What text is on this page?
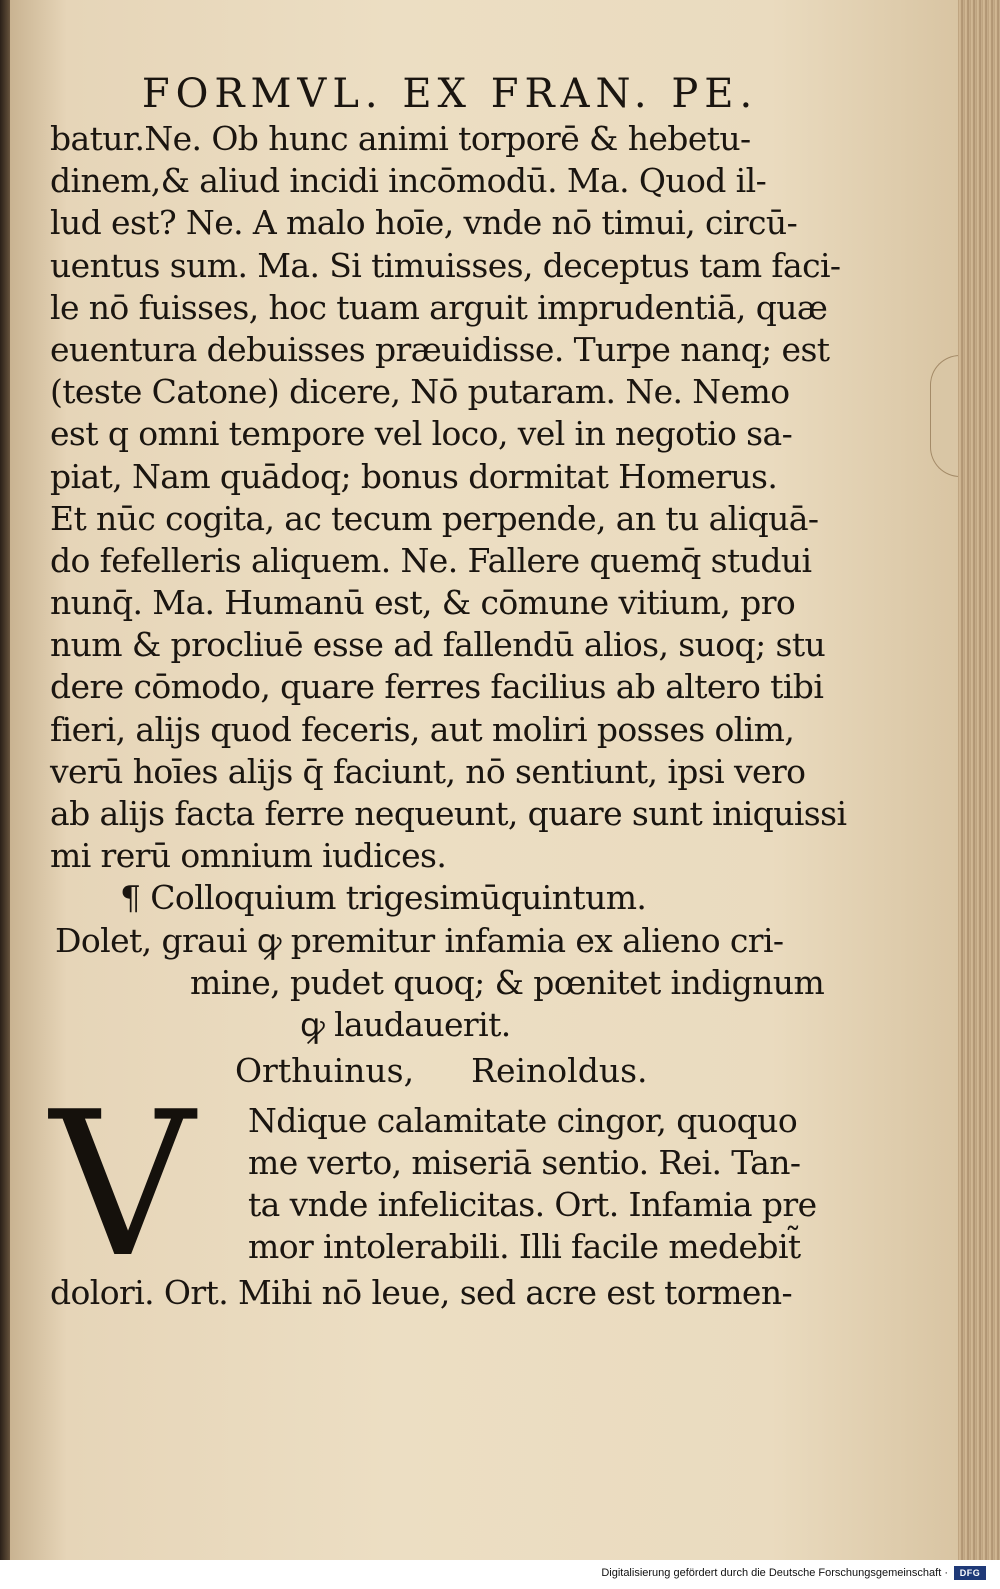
FORMVL. EX FRAN. PE.
batur.Ne. Ob hunc animi torporē & hebetu-
dinem,& aliud incidi incōmodū. Ma. Quod il-
lud est? Ne. A malo hoīe, vnde nō timui, circū-
uentus sum. Ma. Si timuisses, deceptus tam faci-
le nō fuisses, hoc tuam arguit imprudentiā, quæ
euentura debuisses præuidisse. Turpe nanq; est
(teste Catone) dicere, Nō putaram. Ne. Nemo
est q omni tempore vel loco, vel in negotio sa-
piat, Nam quādoq; bonus dormitat Homerus.
Et nūc cogita, ac tecum perpende, an tu aliquā-
do fefelleris aliquem. Ne. Fallere quemq̄ studui
nunq̄. Ma. Humanū est, & cōmune vitium, pro
num & procliuē esse ad fallendū alios, suoq; stu
dere cōmodo, quare ferres facilius ab altero tibi
fieri, alijs quod feceris, aut moliri posses olim,
verū hoīes alijs q̄ faciunt, nō sentiunt, ipsi vero
ab alijs facta ferre nequeunt, quare sunt iniquissi
mi rerū omnium iudices.
¶ Colloquium trigesimūquintum.
Dolet, graui ꝙ premitur infamia ex alieno cri-
mine, pudet quoq; & pœnitet indignum
ꝙ laudauerit.
Orthuinus, Reinoldus.
V Ndique calamitate cingor, quoquo
me verto, miseriā sentio. Rei. Tan-
ta vnde infelicitas. Ort. Infamia pre
mor intolerabili. Illi facile medebit̃
dolori. Ort. Mihi nō leue, sed acre est tormen-
Digitalisierung gefördert durch die Deutsche Forschungsgemeinschaft ·	DFG
